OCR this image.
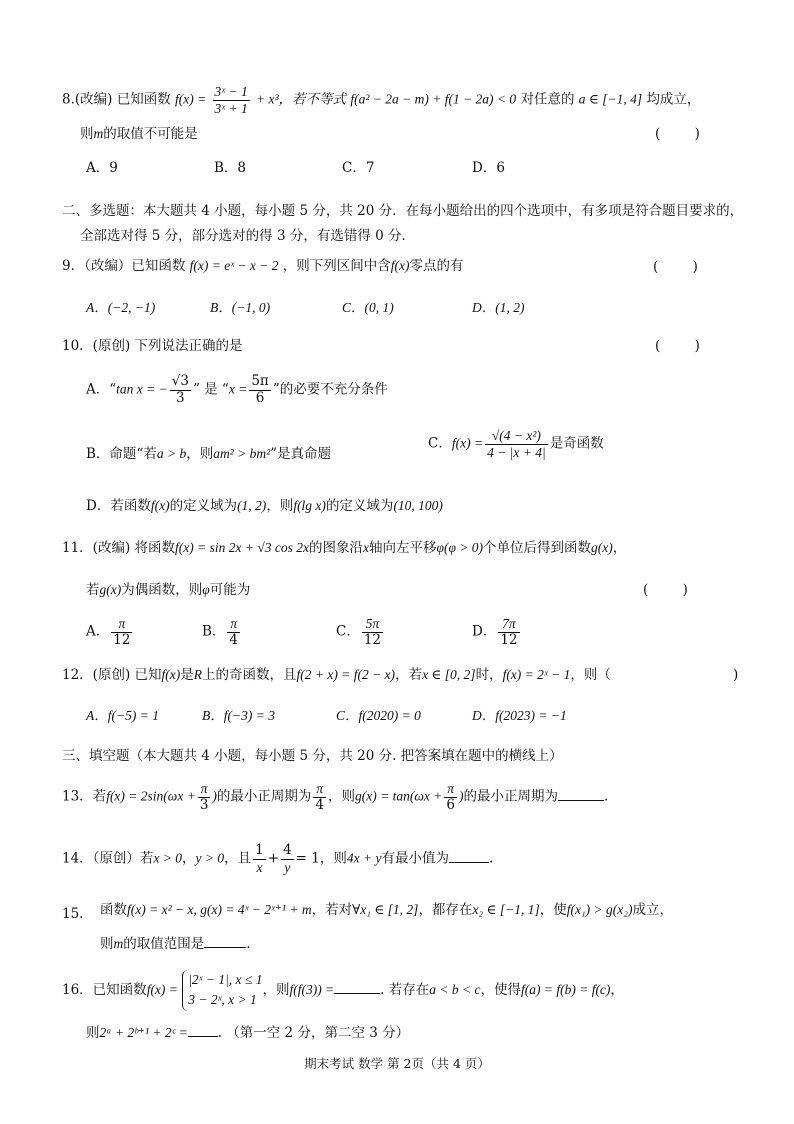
8.(改编) 已知函数 $f(x) = \frac{\text{3ˣ − 1}}{\text{3ˣ + 1}} + x^3$，若不等式 f(a² − 2a − m) + f(1 − 2a) < 0 对任意的 a ∈ [−1, 4] 均成立，
则m的取值不可能是	(        )
A．9	B．8	C．7	D．6
二、多选题：本大题共 4 小题，每小题 5 分，共 20 分．在每小题给出的四个选项中，有多项是符合题目要求的，
全部选对得 5 分，部分选对的得 3 分，有选错得 0 分．
9．（改编）已知函数 f(x) = eˣ − x − 2 ，则下列区间中含f(x)零点的有	(        )
A．(−2, −1)	B．(−1, 0)	C．(0, 1)	D．(1, 2)
10．(原创) 下列说法正确的是	(        )
A．“tan x = − $\frac{√3}{3}$ ” 是 “$x = \frac{5\pi}{6}$ ”的必要不充分条件
B．命题“若a > b，则am² > bm²”是真命题
C．$f(x) = \frac{\text{√(4 − x²)}}{4 - |x + 4|}$ 是奇函数
D．若函数f(x)的定义域为(1, 2)，则f(lg x)的定义域为(10, 100)
11．(改编) 将函数f(x) = sin 2x + √3 cos 2x的图象沿x轴向左平移φ(φ > 0)个单位后得到函数g(x)，
若g(x)为偶函数，则φ可能为	(        )
A． $\frac{\pi}{12}$	B． $\frac{\pi}{4}$	C． $\frac{5\pi}{12}$	D． $\frac{7\pi}{12}$
12．(原创) 已知f(x)是R上的奇函数，且f(2 + x) = f(2 − x)，若x ∈ [0, 2]时，f(x) = 2ˣ − 1，则（	)
A．f(−5) = 1	B．f(−3) = 3	C．f(2020) = 0	D．f(2023) = −1
三、填空题（本大题共 4 小题，每小题 5 分，共 20 分. 把答案填在题中的横线上）
13．若$f(x) = 2\sin(\omega x + \frac{\pi}{3}$ )的最小正周期为 $\frac{\pi}{4}$ ，则$g(x) = \tan(\omega x + \frac{\pi}{6}$ )的最小正周期为	.
14．（原创）若x > 0，y > 0，且 $\frac{1}{x} + \frac{4}{y} = 1$，则4x + y有最小值为	.
15. 函数f(x) = x² − x, g(x) = 4ˣ − 2ˣ⁺¹ + m，若对∀x₁ ∈ [1, 2]，都存在x₂ ∈ [−1, 1]，使f(x₁) > g(x₂)成立，
则m的取值范围是	.
16．已知函数f(x) =
|2ˣ − 1|, x ≤ 1
3 − 2ˣ, x > 1
，则f(f(3)) =	. 若存在a < b < c，使得f(a) = f(b) = f(c)，
则2ᵃ + 2ᵇ⁺¹ + 2ᶜ = . （第一空 2 分，第二空 3 分）
期末考试 数学 第 2页（共 4 页）
